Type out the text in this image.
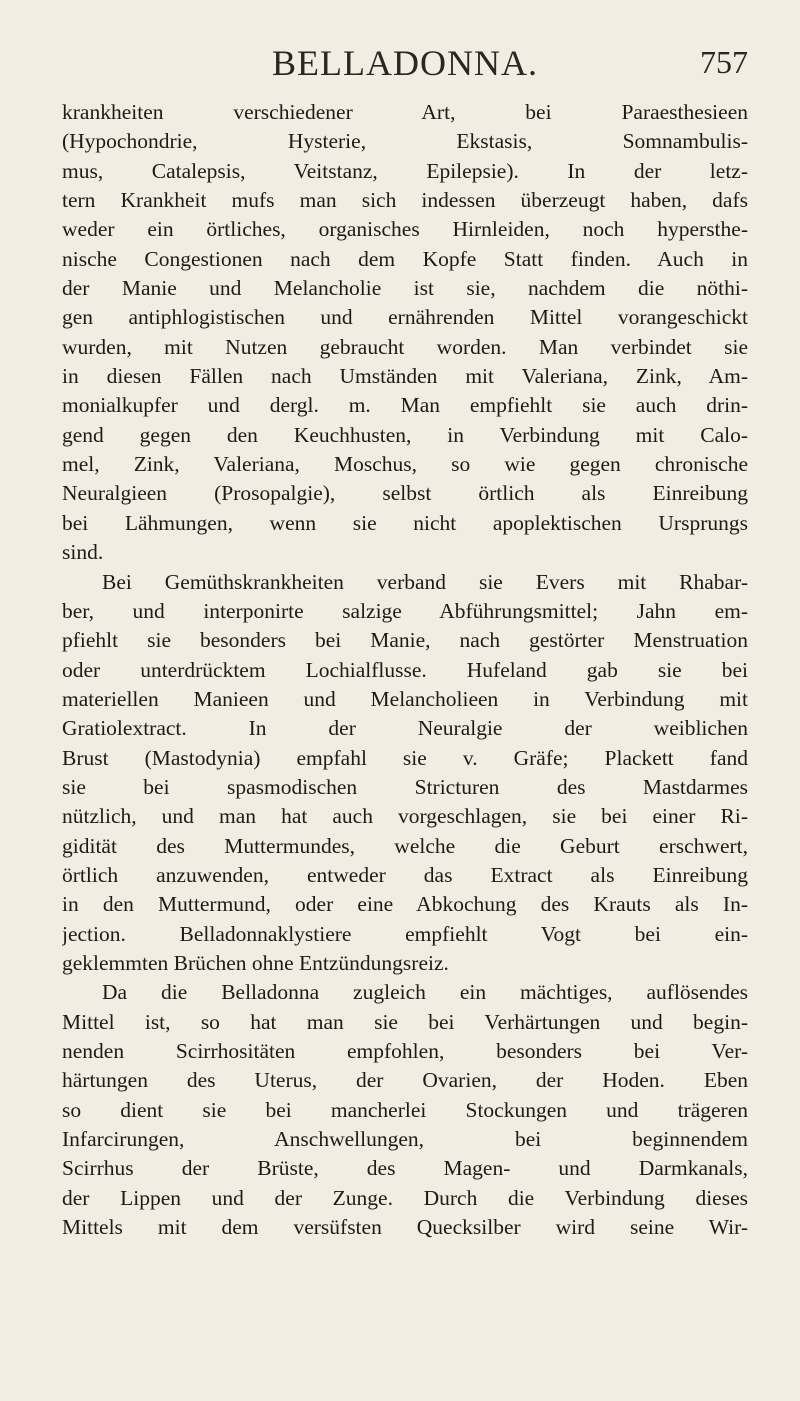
BELLADONNA.	757
krankheiten verschiedener Art, bei Paraesthesieen
(Hypochondrie, Hysterie, Ekstasis, Somnambulis-
mus, Catalepsis, Veitstanz, Epilepsie). In der letz-
tern Krankheit mufs man sich indessen überzeugt haben, dafs
weder ein örtliches, organisches Hirnleiden, noch hypersthe-
nische Congestionen nach dem Kopfe Statt finden. Auch in
der Manie und Melancholie ist sie, nachdem die nöthi-
gen antiphlogistischen und ernährenden Mittel vorangeschickt
wurden, mit Nutzen gebraucht worden. Man verbindet sie
in diesen Fällen nach Umständen mit Valeriana, Zink, Am-
monialkupfer und dergl. m. Man empfiehlt sie auch drin-
gend gegen den Keuchhusten, in Verbindung mit Calo-
mel, Zink, Valeriana, Moschus, so wie gegen chronische
Neuralgieen (Prosopalgie), selbst örtlich als Einreibung
bei Lähmungen, wenn sie nicht apoplektischen Ursprungs
sind.
Bei Gemüthskrankheiten verband sie Evers mit Rhabar-
ber, und interponirte salzige Abführungsmittel; Jahn em-
pfiehlt sie besonders bei Manie, nach gestörter Menstruation
oder unterdrücktem Lochialflusse. Hufeland gab sie bei
materiellen Manieen und Melancholieen in Verbindung mit
Gratiolextract. In der Neuralgie der weiblichen
Brust (Mastodynia) empfahl sie v. Gräfe; Plackett fand
sie bei spasmodischen Stricturen des Mastdarmes
nützlich, und man hat auch vorgeschlagen, sie bei einer Ri-
gidität des Muttermundes, welche die Geburt erschwert,
örtlich anzuwenden, entweder das Extract als Einreibung
in den Muttermund, oder eine Abkochung des Krauts als In-
jection. Belladonnaklystiere empfiehlt Vogt bei ein-
geklemmten Brüchen ohne Entzündungsreiz.
Da die Belladonna zugleich ein mächtiges, auflösendes
Mittel ist, so hat man sie bei Verhärtungen und begin-
nenden Scirrhositäten empfohlen, besonders bei Ver-
härtungen des Uterus, der Ovarien, der Hoden. Eben
so dient sie bei mancherlei Stockungen und trägeren
Infarcirungen, Anschwellungen, bei beginnendem
Scirrhus der Brüste, des Magen- und Darmkanals,
der Lippen und der Zunge. Durch die Verbindung dieses
Mittels mit dem versüfsten Quecksilber wird seine Wir-
